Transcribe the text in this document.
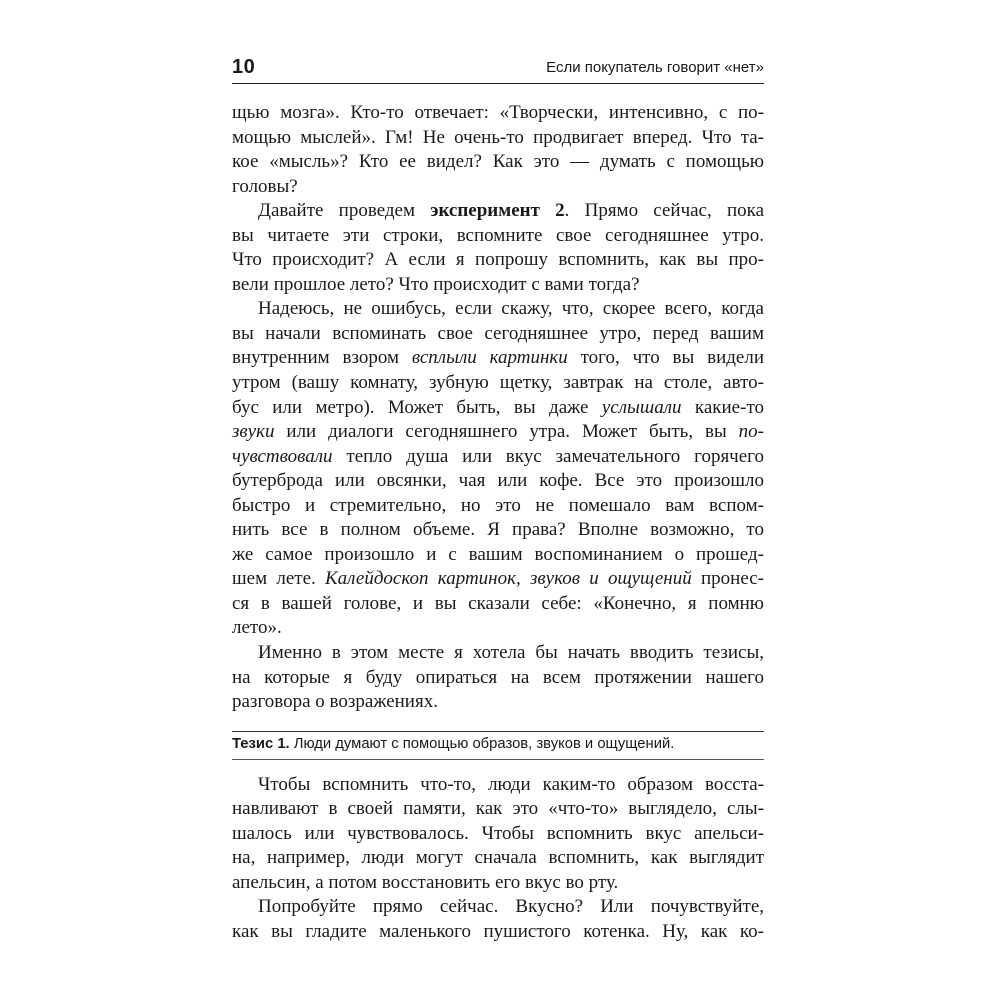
10	Если покупатель говорит «нет»
щью мозга». Кто-то отвечает: «Творчески, интенсивно, с по-
мощью мыслей». Гм! Не очень-то продвигает вперед. Что та-
кое «мысль»? Кто ее видел? Как это — думать с помощью
головы?
Давайте проведем эксперимент 2. Прямо сейчас, пока
вы читаете эти строки, вспомните свое сегодняшнее утро.
Что происходит? А если я попрошу вспомнить, как вы про-
вели прошлое лето? Что происходит с вами тогда?
Надеюсь, не ошибусь, если скажу, что, скорее всего, когда
вы начали вспоминать свое сегодняшнее утро, перед вашим
внутренним взором всплыли картинки того, что вы видели
утром (вашу комнату, зубную щетку, завтрак на столе, авто-
бус или метро). Может быть, вы даже услышали какие-то
звуки или диалоги сегодняшнего утра. Может быть, вы по-
чувствовали тепло душа или вкус замечательного горячего
бутерброда или овсянки, чая или кофе. Все это произошло
быстро и стремительно, но это не помешало вам вспом-
нить все в полном объеме. Я права? Вполне возможно, то
же самое произошло и с вашим воспоминанием о прошед-
шем лете. Калейдоскоп картинок, звуков и ощущений пронес-
ся в вашей голове, и вы сказали себе: «Конечно, я помню
лето».
Именно в этом месте я хотела бы начать вводить тезисы,
на которые я буду опираться на всем протяжении нашего
разговора о возражениях.
Тезис 1. Люди думают с помощью образов, звуков и ощущений.
Чтобы вспомнить что-то, люди каким-то образом восста-
навливают в своей памяти, как это «что-то» выглядело, слы-
шалось или чувствовалось. Чтобы вспомнить вкус апельси-
на, например, люди могут сначала вспомнить, как выглядит
апельсин, а потом восстановить его вкус во рту.
Попробуйте прямо сейчас. Вкусно? Или почувствуйте,
как вы гладите маленького пушистого котенка. Ну, как ко-
